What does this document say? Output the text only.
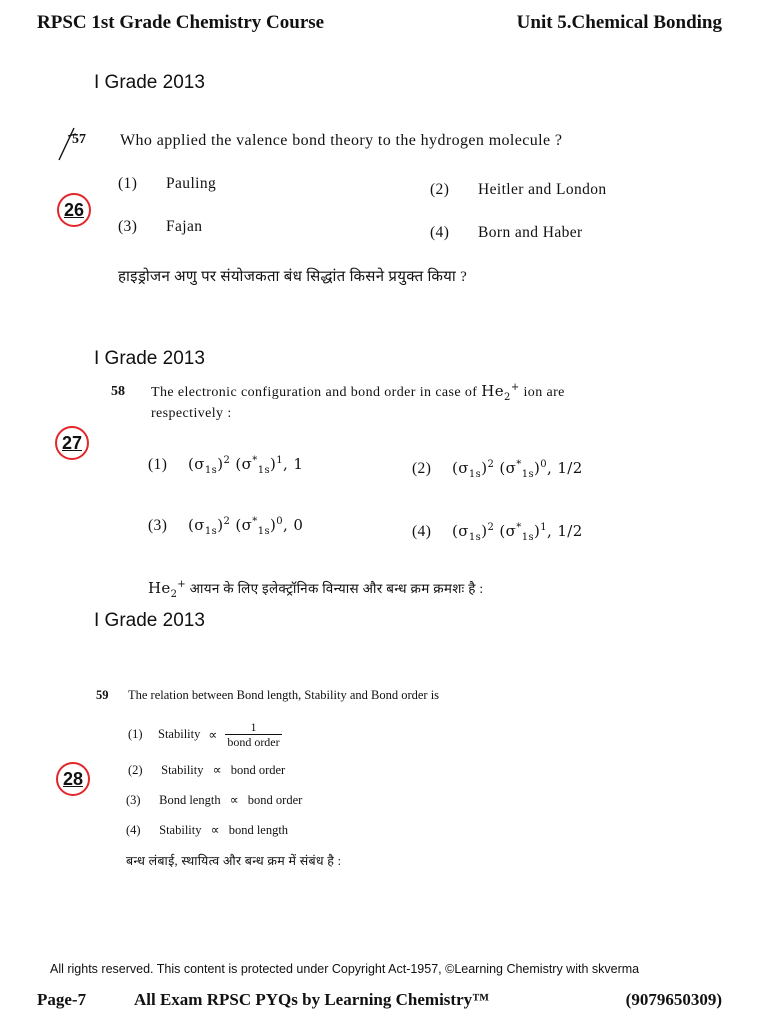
RPSC 1st Grade Chemistry Course	Unit 5.Chemical Bonding
I Grade 2013
57 Who applied the valence bond theory to the hydrogen molecule ?
26
(1) Pauling	(2) Heitler and London
(3) Fajan	(4) Born and Haber
हाइड्रोजन अणु पर संयोजकता बंध सिद्धांत किसने प्रयुक्त किया ?
I Grade 2013
58 The electronic configuration and bond order in case of $He_2^+$ ion are
respectively :
27
(1) $(\sigma_{1s})^2$ $(\sigma^*_{1s})^1$, 1	(2) $(\sigma_{1s})^2$ $(\sigma^*_{1s})^0$, 1/2
(3) $(\sigma_{1s})^2$ $(\sigma^*_{1s})^0$, 0	(4) $(\sigma_{1s})^2$ $(\sigma^*_{1s})^1$, 1/2
$He_2^+$ आयन के लिए इलेक्ट्रॉनिक विन्यास और बन्ध क्रम क्रमशः है :
I Grade 2013
59 The relation between Bond length, Stability and Bond order is
28
(1)	Stability ∝ $\frac{1}{\text{bond order}}$
(2) Stability ∝ bond order
(3) Bond length ∝ bond order
(4) Stability ∝ bond length
बन्ध लंबाई, स्थायित्व और बन्ध क्रम में संबंध है :
All rights reserved. This content is protected under Copyright Act-1957, ©Learning Chemistry with skverma
Page-7	All Exam RPSC PYQs by Learning Chemistry™	(9079650309)
